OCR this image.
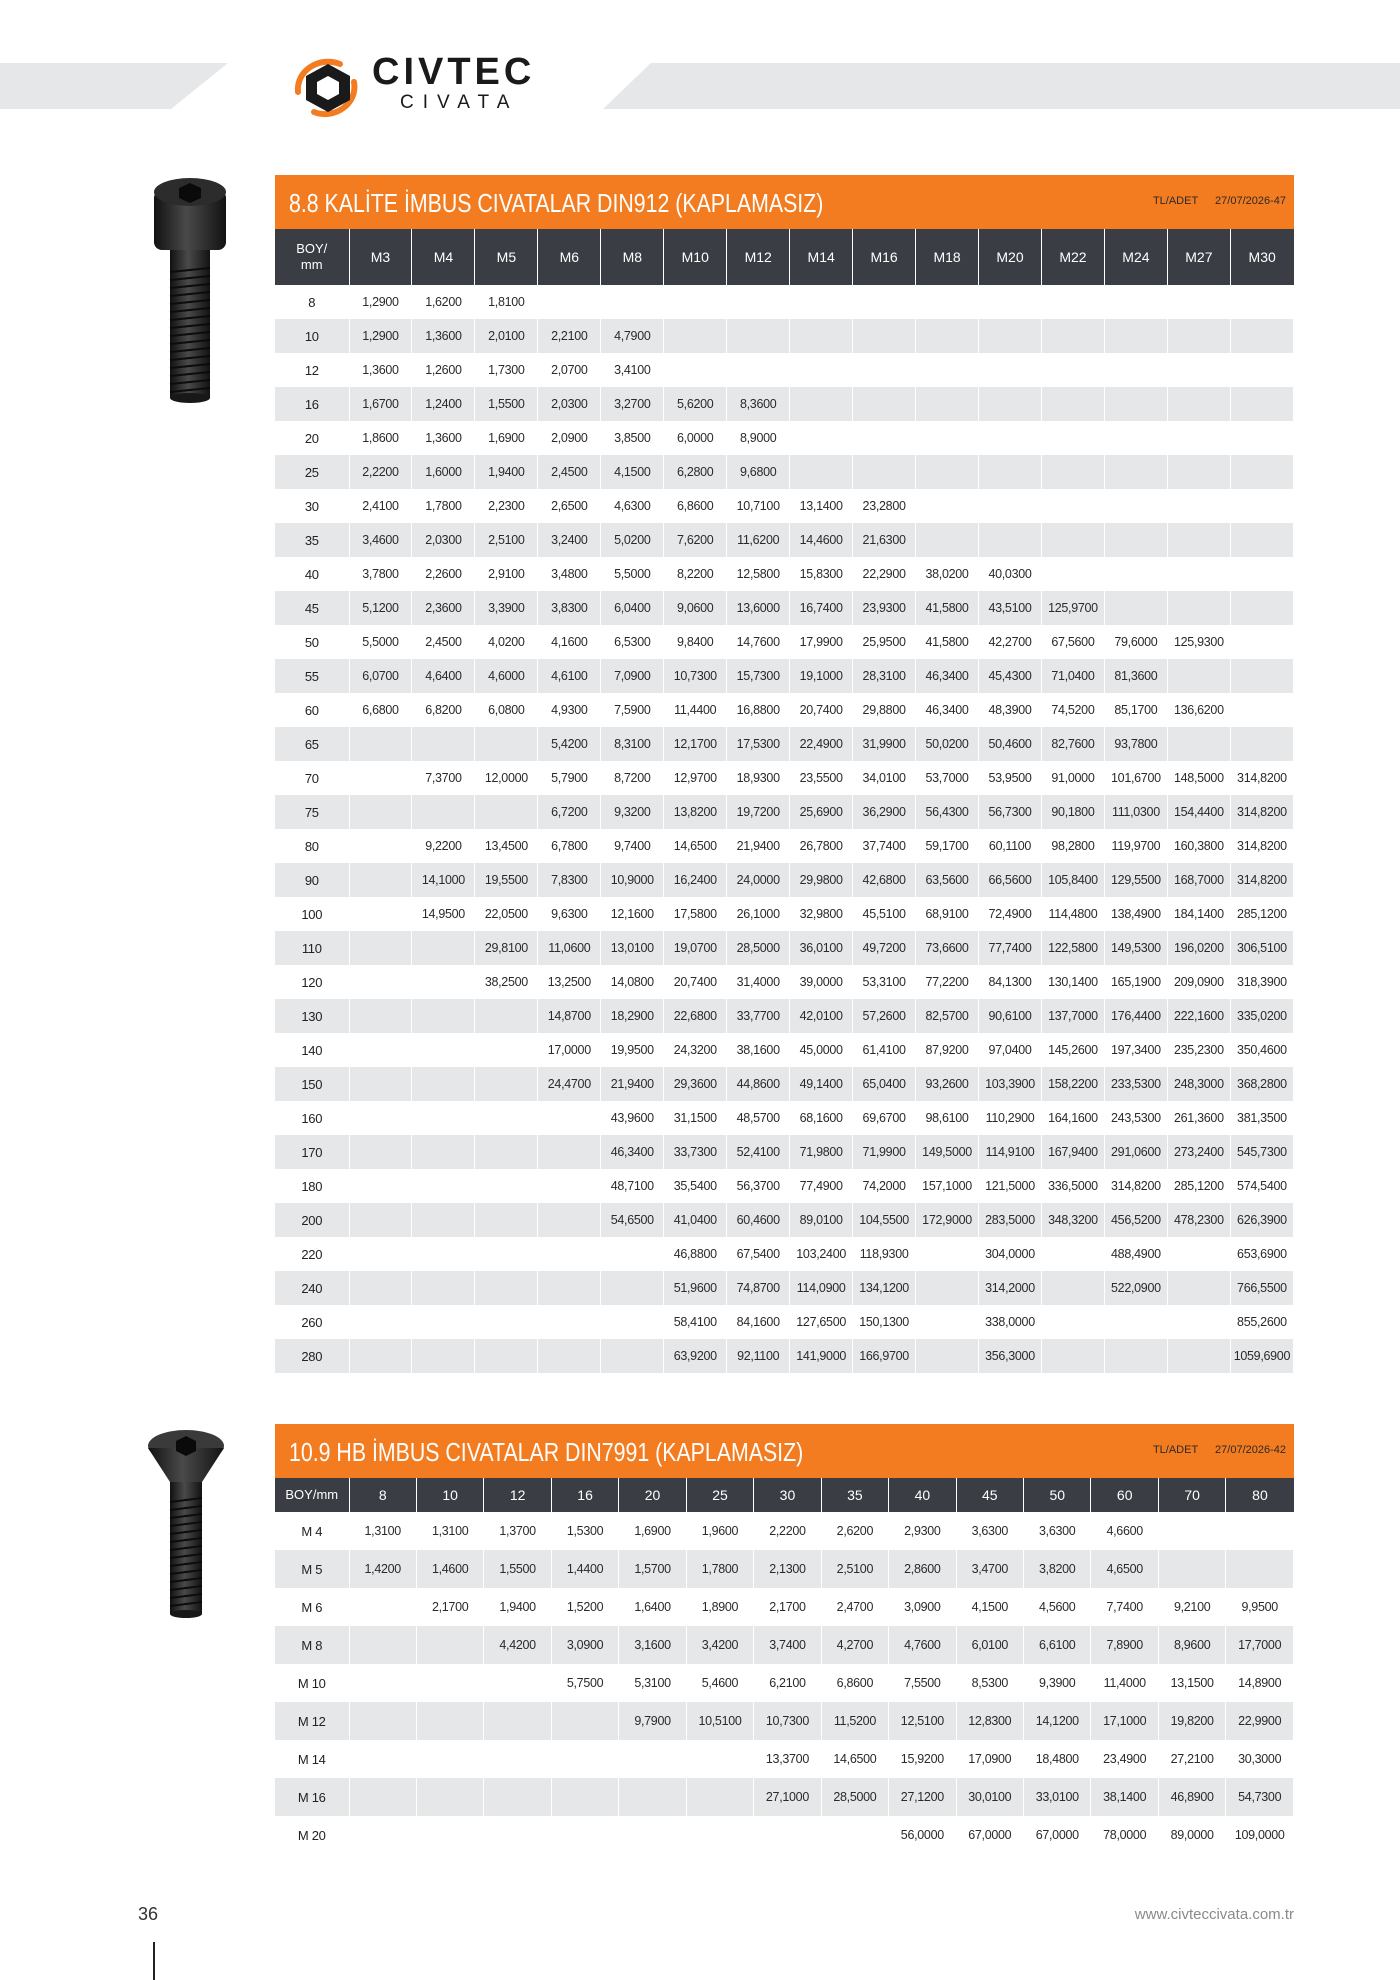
CIVTEC
CIVATA
8.8 KALİTE İMBUS CIVATALAR DIN912 (KAPLAMASIZ)	TL/ADET 27/07/2026-47
BOY/
mm	M3	M4	M5	M6	M8	M10	M12	M14	M16	M18	M20	M22	M24	M27	M30
8	1,2900	1,6200	1,8100												
10	1,2900	1,3600	2,0100	2,2100	4,7900										
12	1,3600	1,2600	1,7300	2,0700	3,4100										
16	1,6700	1,2400	1,5500	2,0300	3,2700	5,6200	8,3600								
20	1,8600	1,3600	1,6900	2,0900	3,8500	6,0000	8,9000								
25	2,2200	1,6000	1,9400	2,4500	4,1500	6,2800	9,6800								
30	2,4100	1,7800	2,2300	2,6500	4,6300	6,8600	10,7100	13,1400	23,2800						
35	3,4600	2,0300	2,5100	3,2400	5,0200	7,6200	11,6200	14,4600	21,6300						
40	3,7800	2,2600	2,9100	3,4800	5,5000	8,2200	12,5800	15,8300	22,2900	38,0200	40,0300				
45	5,1200	2,3600	3,3900	3,8300	6,0400	9,0600	13,6000	16,7400	23,9300	41,5800	43,5100	125,9700			
50	5,5000	2,4500	4,0200	4,1600	6,5300	9,8400	14,7600	17,9900	25,9500	41,5800	42,2700	67,5600	79,6000	125,9300	
55	6,0700	4,6400	4,6000	4,6100	7,0900	10,7300	15,7300	19,1000	28,3100	46,3400	45,4300	71,0400	81,3600		
60	6,6800	6,8200	6,0800	4,9300	7,5900	11,4400	16,8800	20,7400	29,8800	46,3400	48,3900	74,5200	85,1700	136,6200	
65				5,4200	8,3100	12,1700	17,5300	22,4900	31,9900	50,0200	50,4600	82,7600	93,7800		
70		7,3700	12,0000	5,7900	8,7200	12,9700	18,9300	23,5500	34,0100	53,7000	53,9500	91,0000	101,6700	148,5000	314,8200
75				6,7200	9,3200	13,8200	19,7200	25,6900	36,2900	56,4300	56,7300	90,1800	111,0300	154,4400	314,8200
80		9,2200	13,4500	6,7800	9,7400	14,6500	21,9400	26,7800	37,7400	59,1700	60,1100	98,2800	119,9700	160,3800	314,8200
90		14,1000	19,5500	7,8300	10,9000	16,2400	24,0000	29,9800	42,6800	63,5600	66,5600	105,8400	129,5500	168,7000	314,8200
100		14,9500	22,0500	9,6300	12,1600	17,5800	26,1000	32,9800	45,5100	68,9100	72,4900	114,4800	138,4900	184,1400	285,1200
110			29,8100	11,0600	13,0100	19,0700	28,5000	36,0100	49,7200	73,6600	77,7400	122,5800	149,5300	196,0200	306,5100
120			38,2500	13,2500	14,0800	20,7400	31,4000	39,0000	53,3100	77,2200	84,1300	130,1400	165,1900	209,0900	318,3900
130				14,8700	18,2900	22,6800	33,7700	42,0100	57,2600	82,5700	90,6100	137,7000	176,4400	222,1600	335,0200
140				17,0000	19,9500	24,3200	38,1600	45,0000	61,4100	87,9200	97,0400	145,2600	197,3400	235,2300	350,4600
150				24,4700	21,9400	29,3600	44,8600	49,1400	65,0400	93,2600	103,3900	158,2200	233,5300	248,3000	368,2800
160					43,9600	31,1500	48,5700	68,1600	69,6700	98,6100	110,2900	164,1600	243,5300	261,3600	381,3500
170					46,3400	33,7300	52,4100	71,9800	71,9900	149,5000	114,9100	167,9400	291,0600	273,2400	545,7300
180					48,7100	35,5400	56,3700	77,4900	74,2000	157,1000	121,5000	336,5000	314,8200	285,1200	574,5400
200					54,6500	41,0400	60,4600	89,0100	104,5500	172,9000	283,5000	348,3200	456,5200	478,2300	626,3900
220						46,8800	67,5400	103,2400	118,9300		304,0000		488,4900		653,6900
240						51,9600	74,8700	114,0900	134,1200		314,2000		522,0900		766,5500
260						58,4100	84,1600	127,6500	150,1300		338,0000				855,2600
280						63,9200	92,1100	141,9000	166,9700		356,3000				1059,6900
10.9 HB İMBUS CIVATALAR DIN7991 (KAPLAMASIZ)	TL/ADET 27/07/2026-42
BOY/mm	8	10	12	16	20	25	30	35	40	45	50	60	70	80
M 4	1,3100	1,3100	1,3700	1,5300	1,6900	1,9600	2,2200	2,6200	2,9300	3,6300	3,6300	4,6600		
M 5	1,4200	1,4600	1,5500	1,4400	1,5700	1,7800	2,1300	2,5100	2,8600	3,4700	3,8200	4,6500		
M 6		2,1700	1,9400	1,5200	1,6400	1,8900	2,1700	2,4700	3,0900	4,1500	4,5600	7,7400	9,2100	9,9500
M 8			4,4200	3,0900	3,1600	3,4200	3,7400	4,2700	4,7600	6,0100	6,6100	7,8900	8,9600	17,7000
M 10				5,7500	5,3100	5,4600	6,2100	6,8600	7,5500	8,5300	9,3900	11,4000	13,1500	14,8900
M 12					9,7900	10,5100	10,7300	11,5200	12,5100	12,8300	14,1200	17,1000	19,8200	22,9900
M 14							13,3700	14,6500	15,9200	17,0900	18,4800	23,4900	27,2100	30,3000
M 16							27,1000	28,5000	27,1200	30,0100	33,0100	38,1400	46,8900	54,7300
M 20									56,0000	67,0000	67,0000	78,0000	89,0000	109,0000
36	www.civteccivata.com.tr
